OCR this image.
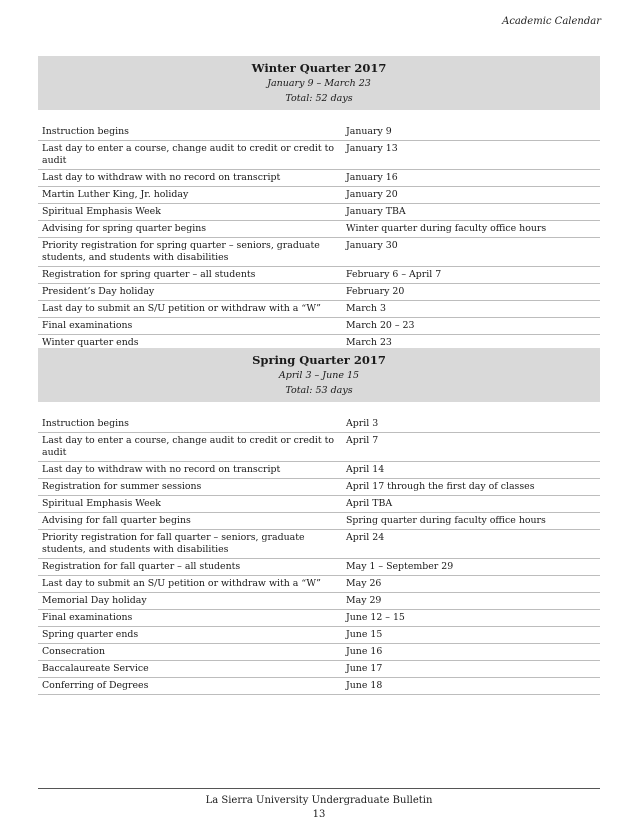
Academic Calendar
Winter Quarter 2017
January 9 – March 23
Total: 52 days
Instruction begins	January 9
Last day to enter a course, change audit to credit or credit to audit	January 13
Last day to withdraw with no record on transcript	January 16
Martin Luther King, Jr. holiday	January 20
Spiritual Emphasis Week	January TBA
Advising for spring quarter begins	Winter quarter during faculty office hours
Priority registration for spring quarter – seniors, graduate students, and students with disabilities	January 30
Registration for spring quarter – all students	February 6 – April 7
President’s Day holiday	February 20
Last day to submit an S/U petition or withdraw with a “W”	March 3
Final examinations	March 20 – 23
Winter quarter ends	March 23
Spring Quarter 2017
April 3 – June 15
Total: 53 days
Instruction begins	April 3
Last day to enter a course, change audit to credit or credit to audit	April 7
Last day to withdraw with no record on transcript	April 14
Registration for summer sessions	April 17 through the first day of classes
Spiritual Emphasis Week	April TBA
Advising for fall quarter begins	Spring quarter during faculty office hours
Priority registration for fall quarter – seniors, graduate students, and students with disabilities	April 24
Registration for fall quarter – all students	May 1 – September 29
Last day to submit an S/U petition or withdraw with a “W”	May 26
Memorial Day holiday	May 29
Final examinations	June 12 – 15
Spring quarter ends	June 15
Consecration	June 16
Baccalaureate Service	June 17
Conferring of Degrees	June 18
La Sierra University Undergraduate Bulletin
13
